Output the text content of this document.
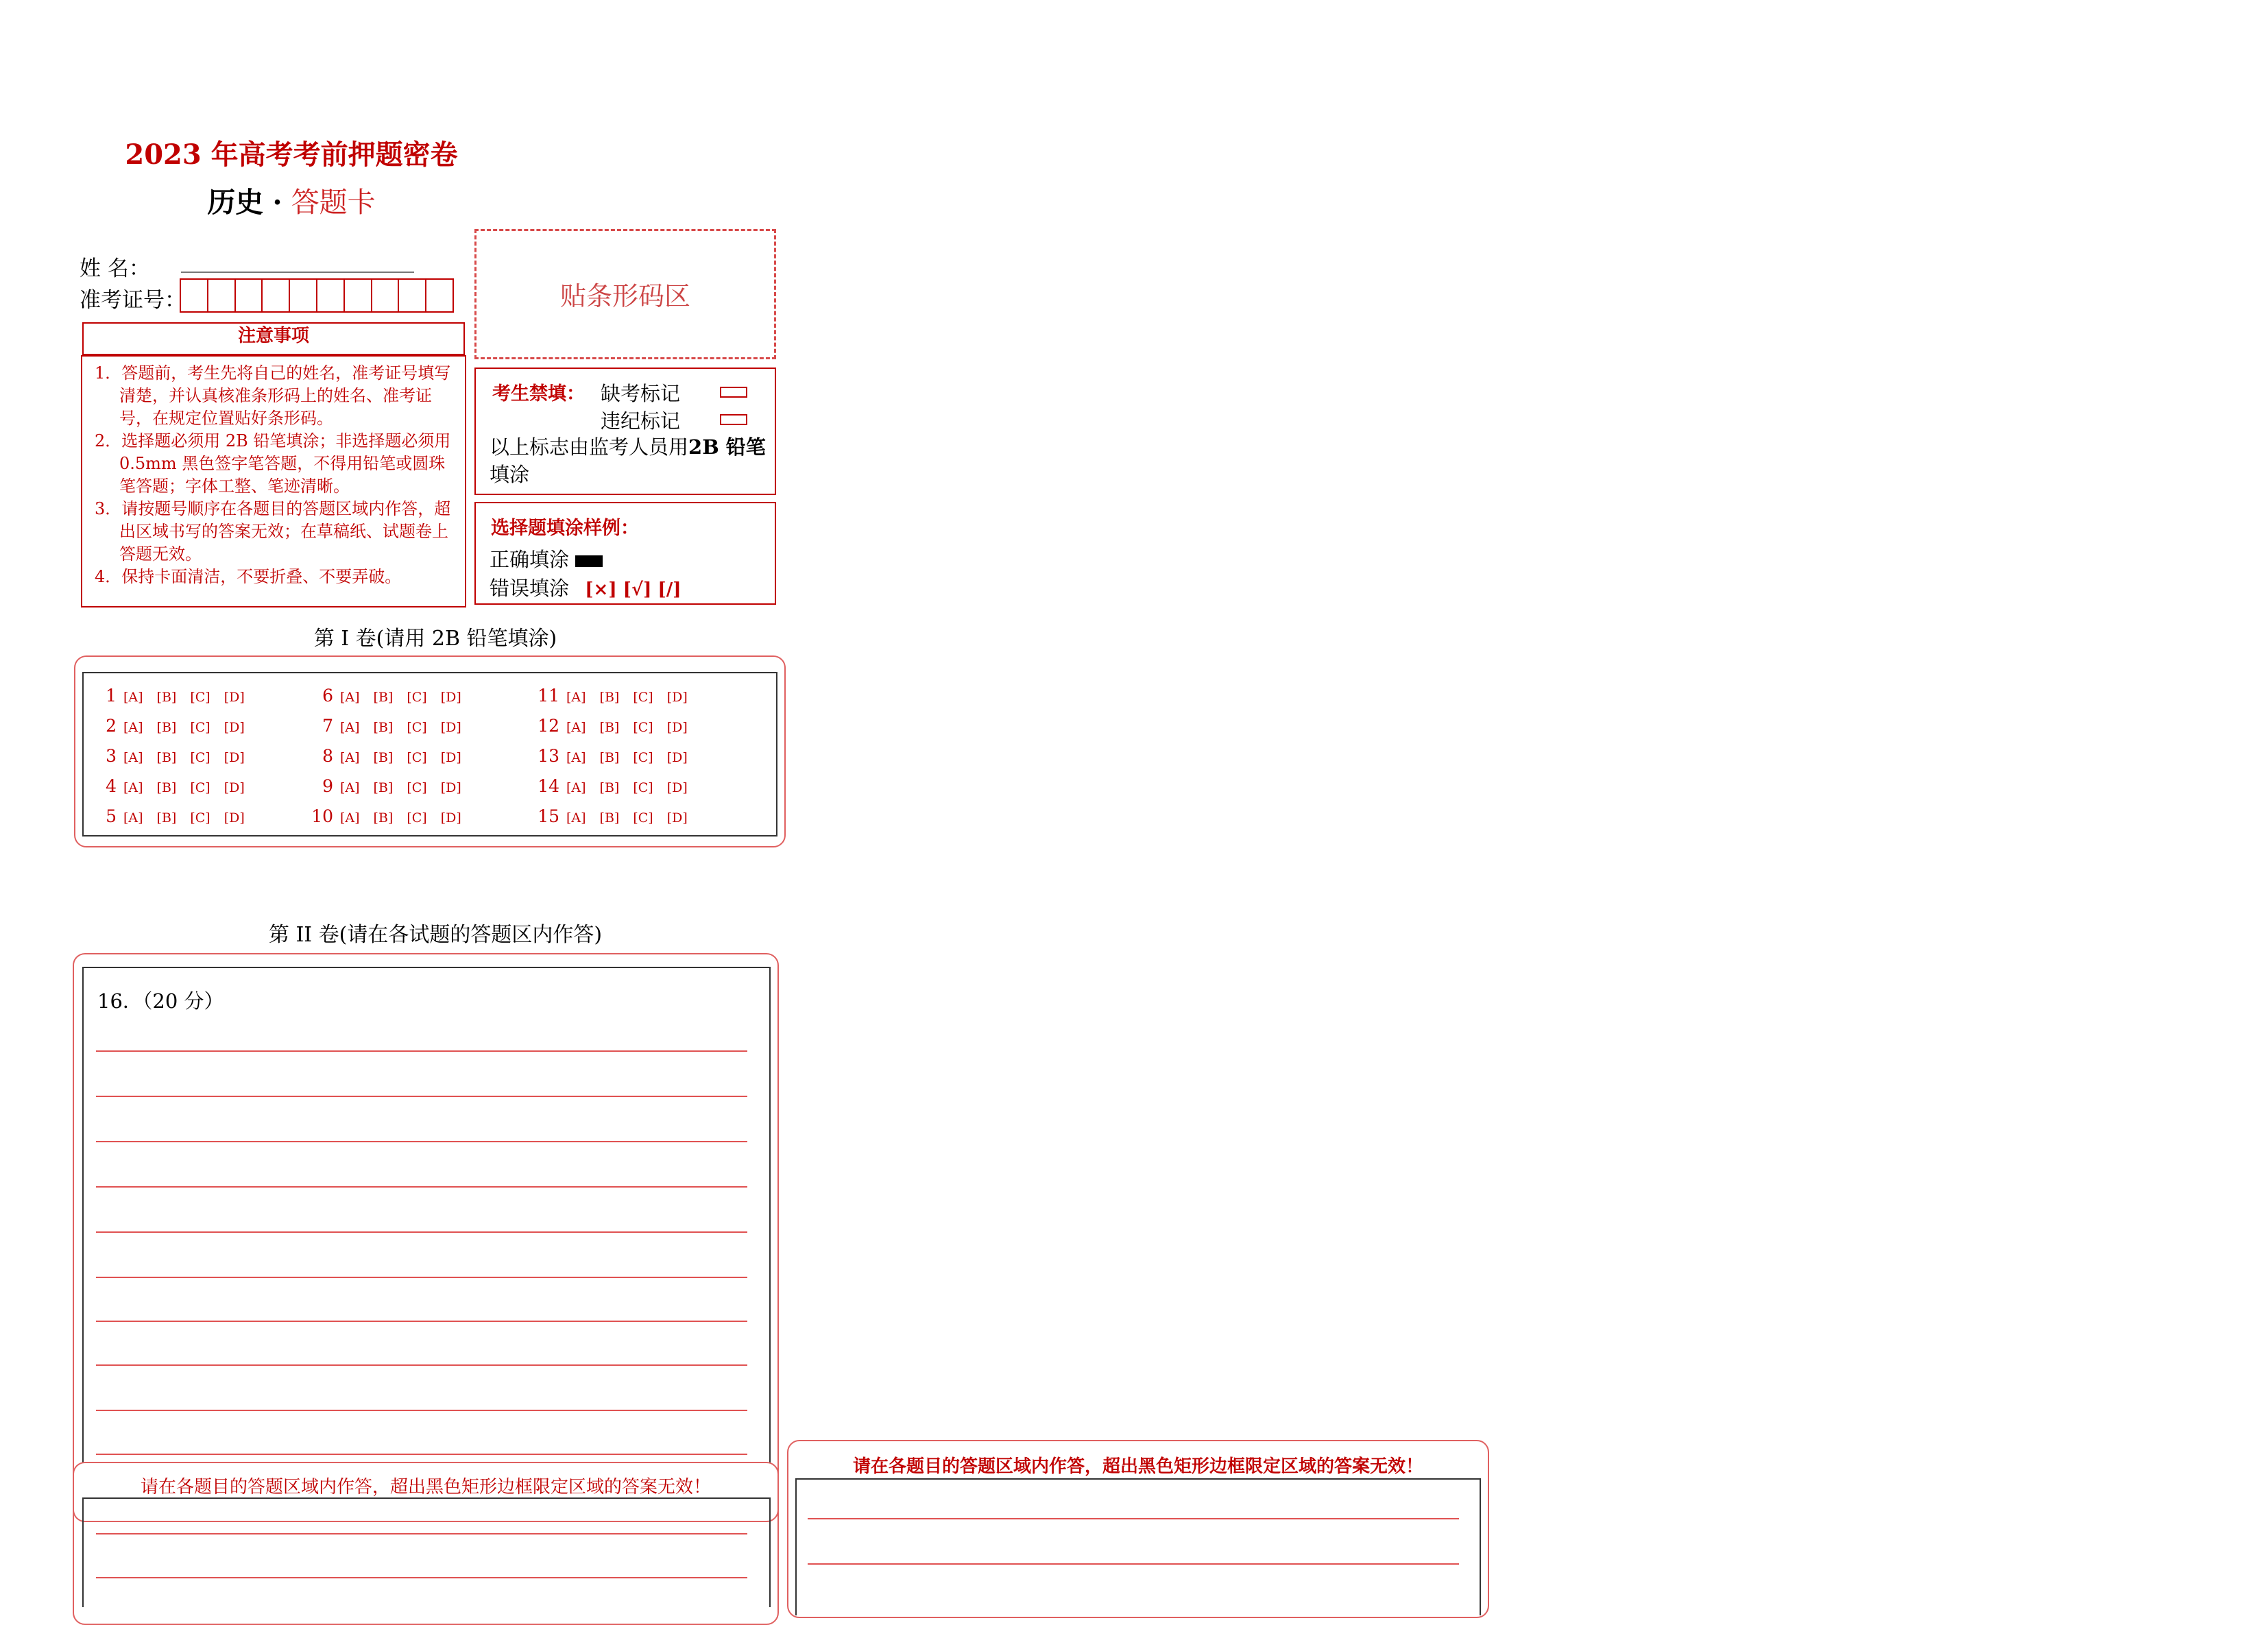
2023 年高考考前押题密卷
历史 · 答题卡
姓 名：
准考证号：	贴条形码区
注意事项
1．答题前，考生先将自己的姓名，准考证号填写清楚，并认真核准条形码上的姓名、准考证号，在规定位置贴好条形码。
2．选择题必须用 2B 铅笔填涂；非选择题必须用 0.5mm 黑色签字笔答题，不得用铅笔或圆珠笔答题；字体工整、笔迹清晰。
3．请按题号顺序在各题目的答题区域内作答，超出区域书写的答案无效；在草稿纸、试题卷上答题无效。
4．保持卡面清洁，不要折叠、不要弄破。
考生禁填： 缺考标记
违纪标记
以上标志由监考人员用2B 铅笔填涂
选择题填涂样例：
正确填涂
错误填涂 [×] [√] [/]
第 I 卷(请用 2B 铅笔填涂)
1 [A] [B] [C] [D]
2 [A] [B] [C] [D]
3 [A] [B] [C] [D]
4 [A] [B] [C] [D]
5 [A] [B] [C] [D]
6 [A] [B] [C] [D]
7 [A] [B] [C] [D]
8 [A] [B] [C] [D]
9 [A] [B] [C] [D]
10 [A] [B] [C] [D]
11 [A] [B] [C] [D]
12 [A] [B] [C] [D]
13 [A] [B] [C] [D]
14 [A] [B] [C] [D]
15 [A] [B] [C] [D]
第 II 卷(请在各试题的答题区内作答)
16．（20 分）
请在各题目的答题区域内作答，超出黑色矩形边框限定区域的答案无效！
请在各题目的答题区域内作答，超出黑色矩形边框限定区域的答案无效！
